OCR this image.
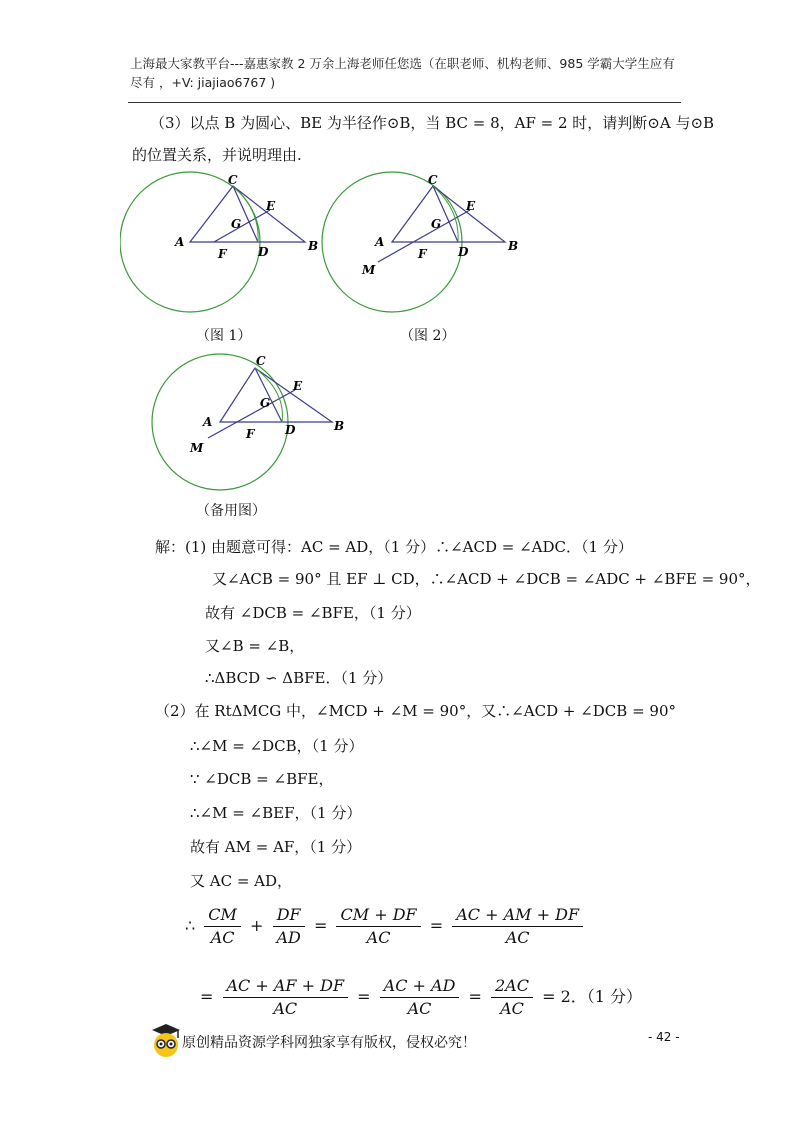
上海最大家教平台---嘉惠家教 2 万余上海老师任您选（在职老师、机构老师、985 学霸大学生应有
尽有 ，+V: jiajiao6767 )
（3）以点 B 为圆心、BE 为半径作⊙B，当 BC = 8，AF = 2 时，请判断⊙A 与⊙B
的位置关系，并说明理由.
C
E
G
A
F	D	B
（图 1）
C
E
G
A
M
F	D	B
（图 2）
C
E
G
A
M
F	D	B
（备用图）
解：(1) 由题意可得：AC = AD，（1 分）∴∠ACD = ∠ADC．（1 分）
又∠ACB = 90° 且 EF ⊥ CD，∴∠ACD + ∠DCB = ∠ADC + ∠BFE = 90°，
故有 ∠DCB = ∠BFE，（1 分）
又∠B = ∠B，
∴ΔBCD ∽ ΔBFE．（1 分）
（2）在 RtΔMCG 中，∠MCD + ∠M = 90°，又∴∠ACD + ∠DCB = 90°
∴∠M = ∠DCB，（1 分）
∵ ∠DCB = ∠BFE，
∴∠M = ∠BEF，（1 分）
故有 AM = AF，（1 分）
又 AC = AD，
∴ $\frac{CM}{AC} + \frac{DF}{AD} = \frac{CM + DF}{AC} = \frac{AC + AM + DF}{AC}$
= $\frac{AC + AF + DF}{AC} = \frac{AC + AD}{AC} = \frac{2AC}{AC} = 2$．（1 分）
原创精品资源学科网独家享有版权，侵权必究！	- 42 -
